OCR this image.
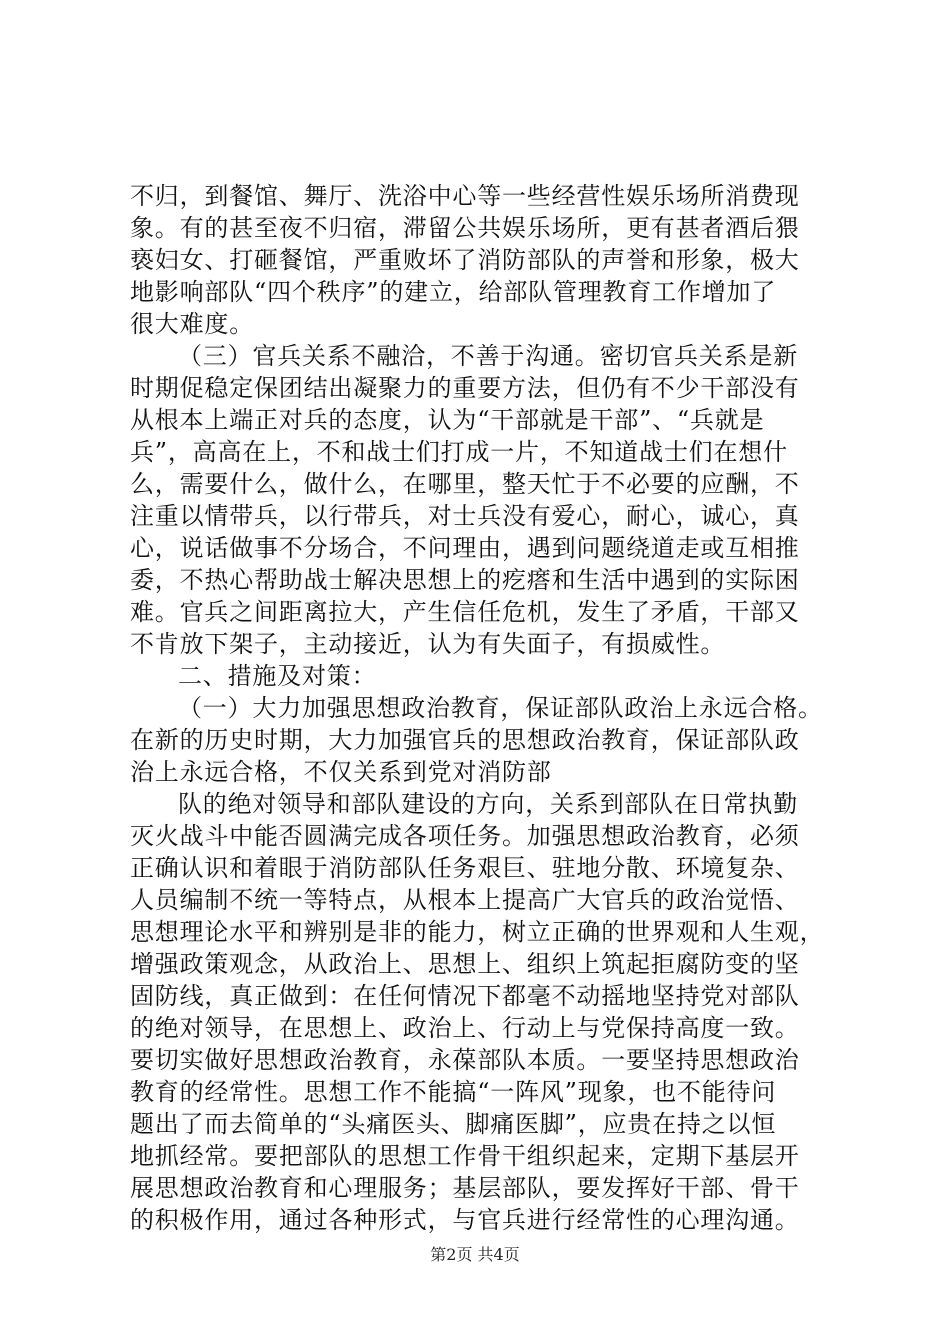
不归，到餐馆、舞厅、洗浴中心等一些经营性娱乐场所消费现
象。有的甚至夜不归宿，滞留公共娱乐场所，更有甚者酒后猥
亵妇女、打砸餐馆，严重败坏了消防部队的声誉和形象，极大
地影响部队“四个秩序”的建立，给部队管理教育工作增加了
很大难度。
（三）官兵关系不融洽，不善于沟通。密切官兵关系是新
时期促稳定保团结出凝聚力的重要方法，但仍有不少干部没有
从根本上端正对兵的态度，认为“干部就是干部”、“兵就是
兵”，高高在上，不和战士们打成一片，不知道战士们在想什
么，需要什么，做什么，在哪里，整天忙于不必要的应酬，不
注重以情带兵，以行带兵，对士兵没有爱心，耐心，诚心，真
心，说话做事不分场合，不问理由，遇到问题绕道走或互相推
委，不热心帮助战士解决思想上的疙瘩和生活中遇到的实际困
难。官兵之间距离拉大，产生信任危机，发生了矛盾，干部又
不肯放下架子，主动接近，认为有失面子，有损威性。
二、措施及对策：
（一）大力加强思想政治教育，保证部队政治上永远合格。
在新的历史时期，大力加强官兵的思想政治教育，保证部队政
治上永远合格，不仅关系到党对消防部
队的绝对领导和部队建设的方向，关系到部队在日常执勤
灭火战斗中能否圆满完成各项任务。加强思想政治教育，必须
正确认识和着眼于消防部队任务艰巨、驻地分散、环境复杂、
人员编制不统一等特点，从根本上提高广大官兵的政治觉悟、
思想理论水平和辨别是非的能力，树立正确的世界观和人生观，
增强政策观念，从政治上、思想上、组织上筑起拒腐防变的坚
固防线，真正做到：在任何情况下都毫不动摇地坚持党对部队
的绝对领导，在思想上、政治上、行动上与党保持高度一致。
要切实做好思想政治教育，永葆部队本质。一要坚持思想政治
教育的经常性。思想工作不能搞“一阵风”现象，也不能待问
题出了而去简单的“头痛医头、脚痛医脚”，应贵在持之以恒
地抓经常。要把部队的思想工作骨干组织起来，定期下基层开
展思想政治教育和心理服务；基层部队，要发挥好干部、骨干
的积极作用，通过各种形式，与官兵进行经常性的心理沟通。
第2页 共4页
